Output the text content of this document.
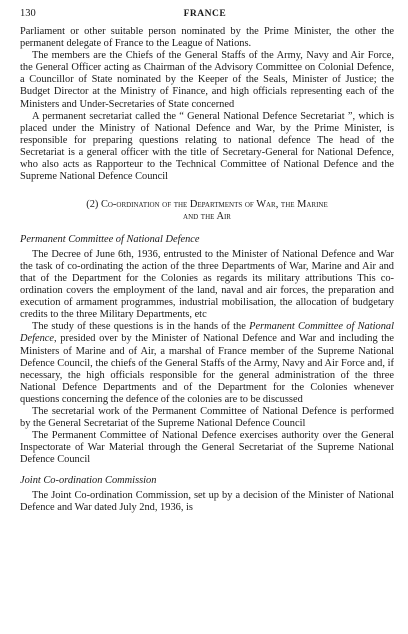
130	FRANCE

Parliament or other suitable person nominated by the Prime Minister, the other the permanent delegate of France to the League of Nations.

The members are the Chiefs of the General Staffs of the Army, Navy and Air Force, the General Officer acting as Chairman of the Advisory Committee on Colonial Defence, a Councillor of State nominated by the Keeper of the Seals, Minister of Justice; the Budget Director at the Ministry of Finance, and high officials representing each of the Ministers and Under-Secretaries of State concerned

A permanent secretariat called the “ General National Defence Secretariat ”, which is placed under the Ministry of National Defence and War, by the Prime Minister, is responsible for preparing questions relating to national defence The head of the Secretariat is a general officer with the title of Secretary-General for National Defence, who also acts as Rapporteur to the Technical Committee of National Defence and the Supreme National Defence Council

(2) Co-ordination of the Departments of War, the Marine
and the Air
Permanent Committee of National Defence

The Decree of June 6th, 1936, entrusted to the Minister of National Defence and War the task of co-ordinating the action of the three Departments of War, Marine and Air and that of the Department for the Colonies as regards its military attributions This co-ordination covers the employment of the land, naval and air forces, the preparation and execution of armament programmes, industrial mobilisation, the allocation of budgetary credits to the three Military Departments, etc

The study of these questions is in the hands of the Permanent Committee of National Defence, presided over by the Minister of National Defence and War and including the Ministers of Marine and of Air, a marshal of France member of the Supreme National Defence Council, the chiefs of the General Staffs of the Army, Navy and Air Force and, if necessary, the high officials responsible for the general administration of the three National Defence Departments and of the Department for the Colonies whenever questions concerning the defence of the colonies are to be discussed

The secretarial work of the Permanent Committee of National Defence is performed by the General Secretariat of the Supreme National Defence Council

The Permanent Committee of National Defence exercises authority over the General Inspectorate of War Material through the General Secretariat of the Supreme National Defence Council

Joint Co-ordination Commission

The Joint Co-ordination Commission, set up by a decision of the Minister of National Defence and War dated July 2nd, 1936, is
